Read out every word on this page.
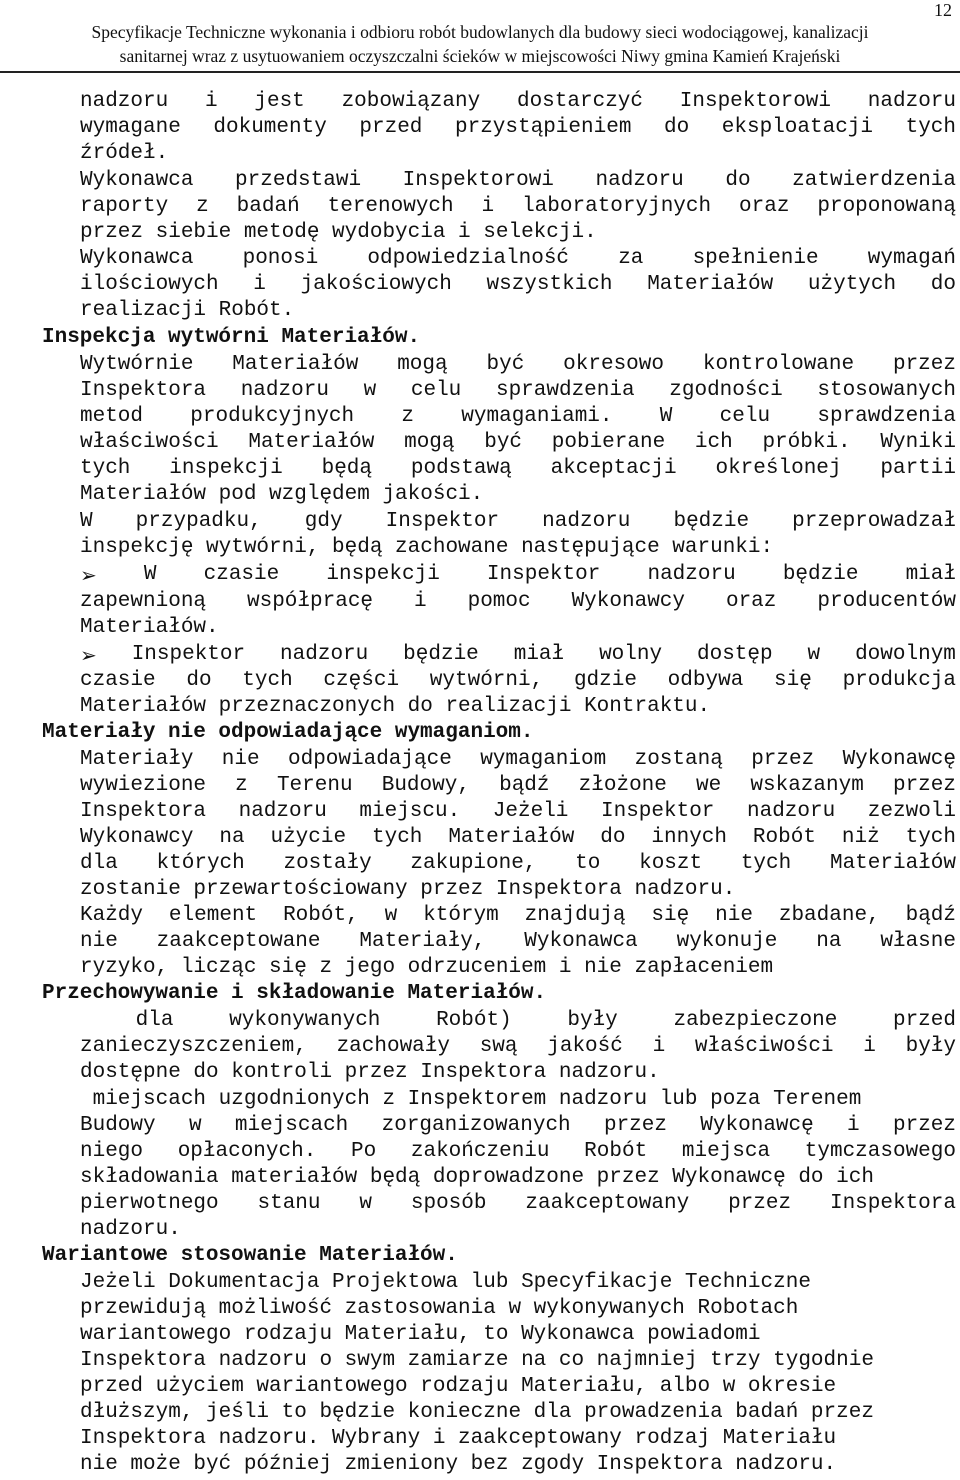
12
Specyfikacje Techniczne wykonania i odbioru robót budowlanych dla budowy sieci wodociągowej, kanalizacji
sanitarnej wraz z usytuowaniem oczyszczalni ścieków w miejscowości Niwy gmina Kamień Krajeński
nadzoru i jest zobowiązany dostarczyć Inspektorowi nadzoru
wymagane dokumenty przed przystąpieniem do eksploatacji tych
źródeł.
Wykonawca przedstawi Inspektorowi nadzoru do zatwierdzenia
raporty z badań terenowych i laboratoryjnych oraz proponowaną
przez siebie metodę wydobycia i selekcji.
Wykonawca ponosi odpowiedzialność za spełnienie wymagań
ilościowych i jakościowych wszystkich Materiałów użytych do
realizacji Robót.
Inspekcja wytwórni Materiałów.
Wytwórnie Materiałów mogą być okresowo kontrolowane przez
Inspektora nadzoru w celu sprawdzenia zgodności stosowanych
metod produkcyjnych z wymaganiami. W celu sprawdzenia
właściwości Materiałów mogą być pobierane ich próbki. Wyniki
tych inspekcji będą podstawą akceptacji określonej partii
Materiałów pod względem jakości.
W przypadku, gdy Inspektor nadzoru będzie przeprowadzał
inspekcję wytwórni, będą zachowane następujące warunki:
➢ W czasie inspekcji Inspektor nadzoru będzie miał
zapewnioną współpracę i pomoc Wykonawcy oraz producentów
Materiałów.
➢ Inspektor nadzoru będzie miał wolny dostęp w dowolnym
czasie do tych części wytwórni, gdzie odbywa się produkcja
Materiałów przeznaczonych do realizacji Kontraktu.
Materiały nie odpowiadające wymaganiom.
Materiały nie odpowiadające wymaganiom zostaną przez Wykonawcę
wywiezione z Terenu Budowy, bądź złożone we wskazanym przez
Inspektora nadzoru miejscu. Jeżeli Inspektor nadzoru zezwoli
Wykonawcy na użycie tych Materiałów do innych Robót niż tych
dla których zostały zakupione, to koszt tych Materiałów
zostanie przewartościowany przez Inspektora nadzoru.
Każdy element Robót, w którym znajdują się nie zbadane, bądź
nie zaakceptowane Materiały, Wykonawca wykonuje na własne
ryzyko, licząc się z jego odrzuceniem i nie zapłaceniem
Przechowywanie i składowanie Materiałów.
dla wykonywanych Robót) były zabezpieczone przed
zanieczyszczeniem, zachowały swą jakość i właściwości i były
dostępne do kontroli przez Inspektora nadzoru.
miejscach uzgodnionych z Inspektorem nadzoru lub poza Terenem
Budowy w miejscach zorganizowanych przez Wykonawcę i przez
niego opłaconych. Po zakończeniu Robót miejsca tymczasowego
składowania materiałów będą doprowadzone przez Wykonawcę do ich
pierwotnego stanu w sposób zaakceptowany przez Inspektora
nadzoru.
Wariantowe stosowanie Materiałów.
Jeżeli Dokumentacja Projektowa lub Specyfikacje Techniczne
przewidują możliwość zastosowania w wykonywanych Robotach
wariantowego rodzaju Materiału, to Wykonawca powiadomi
Inspektora nadzoru o swym zamiarze na co najmniej trzy tygodnie
przed użyciem wariantowego rodzaju Materiału, albo w okresie
dłuższym, jeśli to będzie konieczne dla prowadzenia badań przez
Inspektora nadzoru. Wybrany i zaakceptowany rodzaj Materiału
nie może być później zmieniony bez zgody Inspektora nadzoru.
